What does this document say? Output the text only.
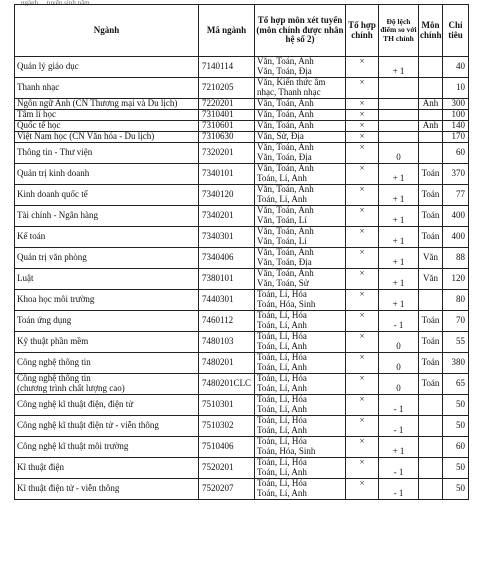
... ngành ... tuyển sinh năm ...
Ngành	Mã ngành	Tổ hợp môn xét tuyển (môn chính được nhân hệ số 2)	Tổ hợp chính	Độ lệch điểm so với TH chính	Môn chính	Chỉ tiêu

Quản lý giáo dục	7140114	Văn, Toán, Anh
Văn, Toán, Địa	×	+ 1		40

Thanh nhạc	7210205	Văn, Kiến thức âm
nhạc, Thanh nhạc	×			10

Ngôn ngữ Anh (CN Thương mại và Du lịch)	7220201	Văn, Toán, Anh	×		Anh	300

Tâm lí học	7310401	Văn, Toán, Anh	×			100

Quốc tế học	7310601	Văn, Toán, Anh	×		Anh	140

Việt Nam học (CN Văn hóa - Du lịch)	7310630	Văn, Sử, Địa	×			170

Thông tin - Thư viện	7320201	Văn, Toán, Anh
Văn, Toán, Địa	×	0		60

Quản trị kinh doanh	7340101	Văn, Toán, Anh
Toán, Lí, Anh	×	+ 1	Toán	370

Kinh doanh quốc tế	7340120	Văn, Toán, Anh
Toán, Lí, Anh	×	+ 1	Toán	77

Tài chính - Ngân hàng	7340201	Văn, Toán, Anh
Văn, Toán, Lí	×	+ 1	Toán	400

Kế toán	7340301	Văn, Toán, Anh
Văn, Toán, Lí	×	+ 1	Toán	400

Quản trị văn phòng	7340406	Văn, Toán, Anh
Văn, Toán, Địa	×	+ 1	Văn	88

Luật	7380101	Văn, Toán, Anh
Văn, Toán, Sử	×	+ 1	Văn	120

Khoa học môi trường	7440301	Toán, Lí, Hóa
Toán, Hóa, Sinh	×	+ 1		80

Toán ứng dụng	7460112	Toán, Lí, Hóa
Toán, Lí, Anh	×	- 1	Toán	70

Kỹ thuật phần mềm	7480103	Toán, Lí, Hóa
Toán, Lí, Anh	×	0	Toán	55

Công nghệ thông tin	7480201	Toán, Lí, Hóa
Toán, Lí, Anh	×	0	Toán	380

Công nghệ thông tin
(chương trình chất lượng cao)	7480201CLC	Toán, Lí, Hóa
Toán, Lí, Anh	×	0	Toán	65

Công nghệ kĩ thuật điện, điện tử	7510301	Toán, Lí, Hóa
Toán, Lí, Anh	×	- 1		50

Công nghệ kĩ thuật điện tử - viễn thông	7510302	Toán, Lí, Hóa
Toán, Lí, Anh	×	- 1		50

Công nghệ kĩ thuật môi trường	7510406	Toán, Lí, Hóa
Toán, Hóa, Sinh	×	+ 1		60

Kĩ thuật điện	7520201	Toán, Lí, Hóa
Toán, Lí, Anh	×	- 1		50

Kĩ thuật điện tử - viễn thông	7520207	Toán, Lí, Hóa
Toán, Lí, Anh	×	- 1		50
